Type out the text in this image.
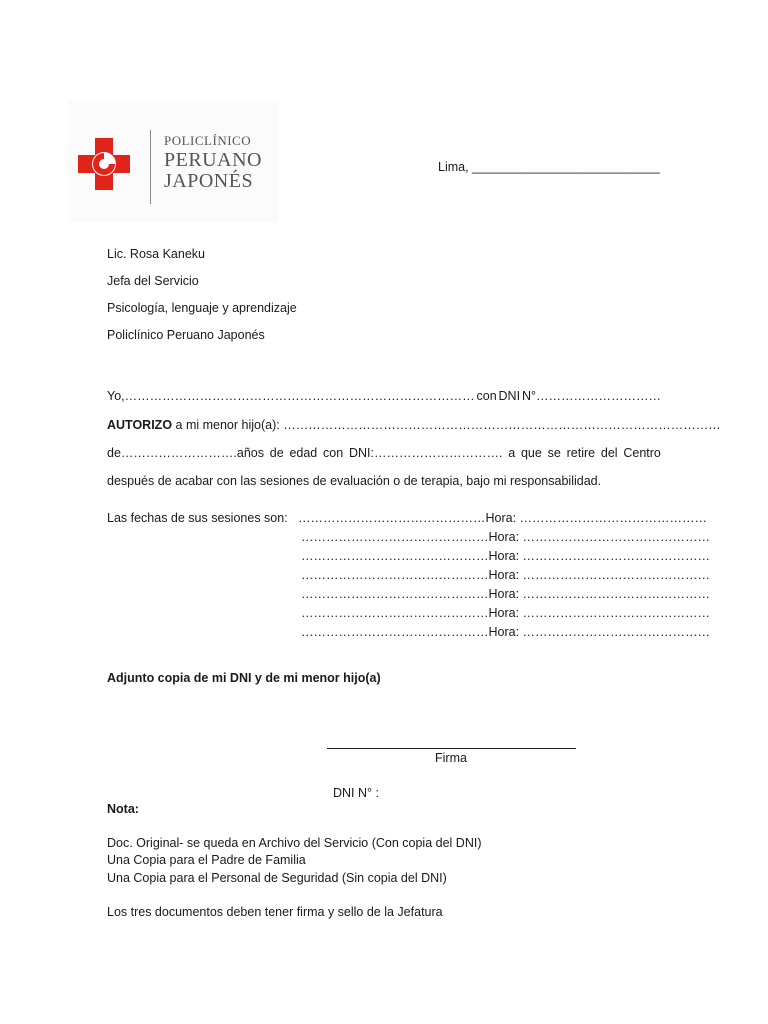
POLICLÍNICO
PERUANO
JAPONÉS
Lima, ___________________________
Lic. Rosa Kaneku
Jefa del Servicio
Psicología, lenguaje y aprendizaje
Policlínico Peruano Japonés
Yo,………………………………………………………………………… con DNI N°…………………………
AUTORIZO a mi menor hijo(a): ……………………………………………………………………………………………
de……………………….años de edad con DNI:…………………………. a que se retire del Centro
después de acabar con las sesiones de evaluación o de terapia, bajo mi responsabilidad.
Las fechas de sus sesiones son: ………………………………………Hora: ………………………………………
………………………………………Hora: ………………………………………
………………………………………Hora: ………………………………………
………………………………………Hora: ………………………………………
………………………………………Hora: ………………………………………
………………………………………Hora: ………………………………………
………………………………………Hora: ………………………………………
Adjunto copia de mi DNI y de mi menor hijo(a)
Firma
DNI N° :
Nota:
Doc. Original- se queda en Archivo del Servicio (Con copia del DNI)
Una Copia para el Padre de Familia
Una Copia para el Personal de Seguridad (Sin copia del DNI)
Los tres documentos deben tener firma y sello de la Jefatura
